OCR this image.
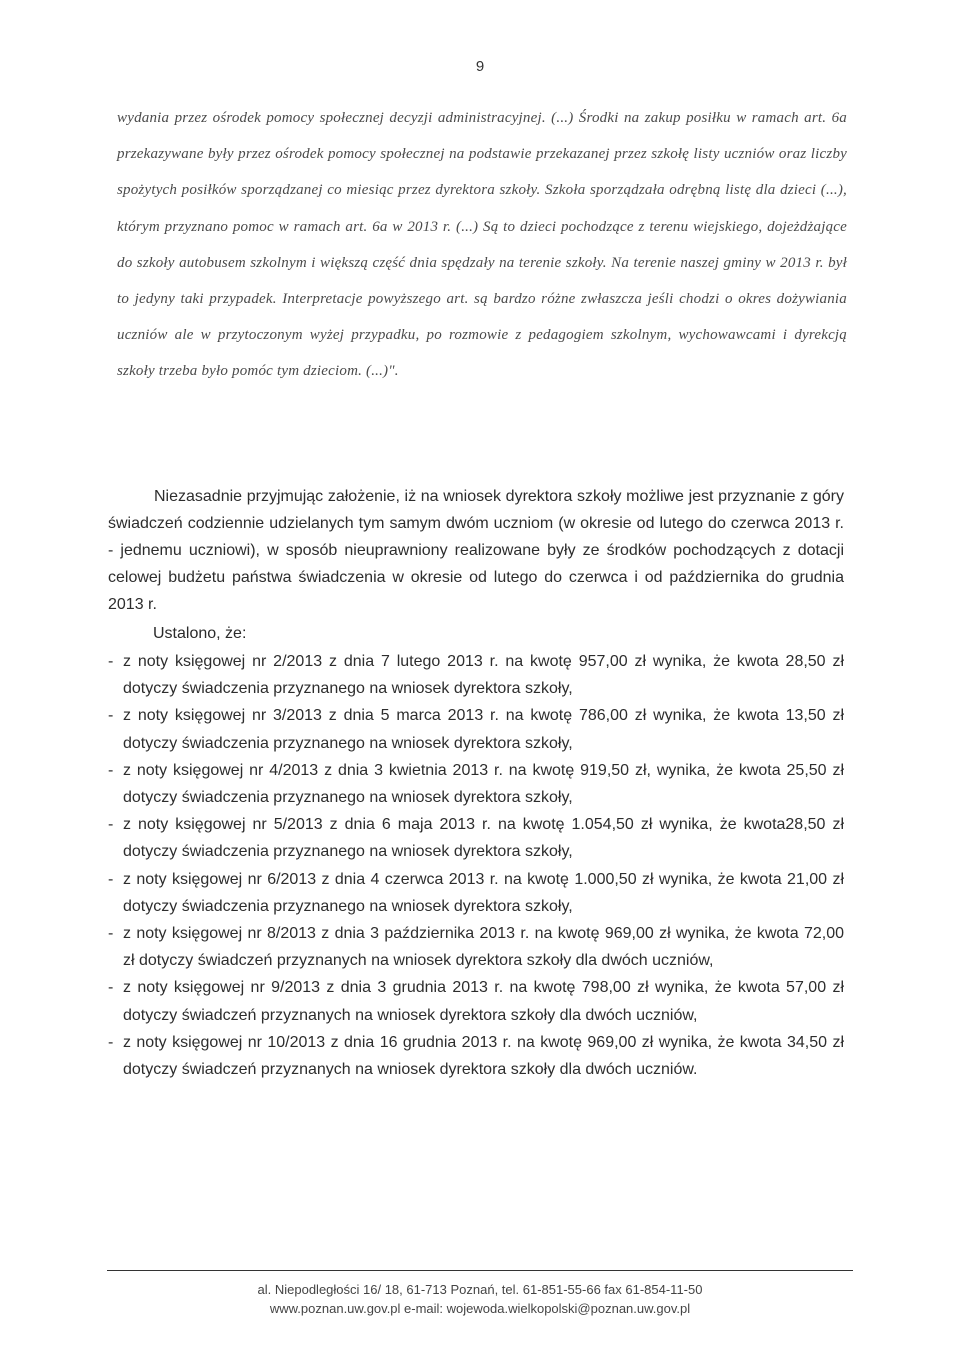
9
wydania przez ośrodek pomocy społecznej decyzji administracyjnej. (...) Środki na zakup posiłku w ramach art. 6a przekazywane były przez ośrodek pomocy społecznej na podstawie przekazanej przez szkołę listy uczniów oraz liczby spożytych posiłków sporządzanej co miesiąc przez dyrektora szkoły. Szkoła sporządzała odrębną listę dla dzieci (...), którym przyznano pomoc w ramach art. 6a w 2013 r. (...) Są to dzieci pochodzące z terenu wiejskiego, dojeżdżające do szkoły autobusem szkolnym i większą część dnia spędzały na terenie szkoły. Na terenie naszej gminy w 2013 r. był to jedyny taki przypadek. Interpretacje powyższego art. są bardzo różne zwłaszcza jeśli chodzi o okres dożywiania uczniów ale w przytoczonym wyżej przypadku, po rozmowie z pedagogiem szkolnym, wychowawcami i dyrekcją szkoły trzeba było pomóc tym dzieciom. (...)".
Niezasadnie przyjmując założenie, iż na wniosek dyrektora szkoły możliwe jest przyznanie z góry świadczeń codziennie udzielanych tym samym dwóm uczniom (w okresie od lutego do czerwca 2013 r. - jednemu uczniowi), w sposób nieuprawniony realizowane były ze środków pochodzących z dotacji celowej budżetu państwa świadczenia w okresie od lutego do czerwca i od października do grudnia 2013 r.
Ustalono, że:
- z noty księgowej nr 2/2013 z dnia 7 lutego 2013 r. na kwotę 957,00 zł wynika, że kwota 28,50 zł dotyczy świadczenia przyznanego na wniosek dyrektora szkoły,
- z noty księgowej nr 3/2013 z dnia 5 marca 2013 r. na kwotę 786,00 zł wynika, że kwota 13,50 zł dotyczy świadczenia przyznanego na wniosek dyrektora szkoły,
- z noty księgowej nr 4/2013 z dnia 3 kwietnia 2013 r. na kwotę 919,50 zł, wynika, że kwota 25,50 zł dotyczy świadczenia przyznanego na wniosek dyrektora szkoły,
- z noty księgowej nr 5/2013 z dnia 6 maja 2013 r. na kwotę 1.054,50 zł wynika, że kwota28,50 zł dotyczy świadczenia przyznanego na wniosek dyrektora szkoły,
- z noty księgowej nr 6/2013 z dnia 4 czerwca 2013 r. na kwotę 1.000,50 zł wynika, że kwota 21,00 zł dotyczy świadczenia przyznanego na wniosek dyrektora szkoły,
- z noty księgowej nr 8/2013 z dnia 3 października 2013 r. na kwotę 969,00 zł wynika, że kwota 72,00 zł dotyczy świadczeń przyznanych na wniosek dyrektora szkoły dla dwóch uczniów,
- z noty księgowej nr 9/2013 z dnia 3 grudnia 2013 r. na kwotę 798,00 zł wynika, że kwota 57,00 zł dotyczy świadczeń przyznanych na wniosek dyrektora szkoły dla dwóch uczniów,
- z noty księgowej nr 10/2013 z dnia 16 grudnia 2013 r. na kwotę 969,00 zł wynika, że kwota 34,50 zł dotyczy świadczeń przyznanych na wniosek dyrektora szkoły dla dwóch uczniów.
al. Niepodległości 16/ 18, 61-713 Poznań, tel. 61-851-55-66 fax 61-854-11-50
www.poznan.uw.gov.pl e-mail: wojewoda.wielkopolski@poznan.uw.gov.pl
